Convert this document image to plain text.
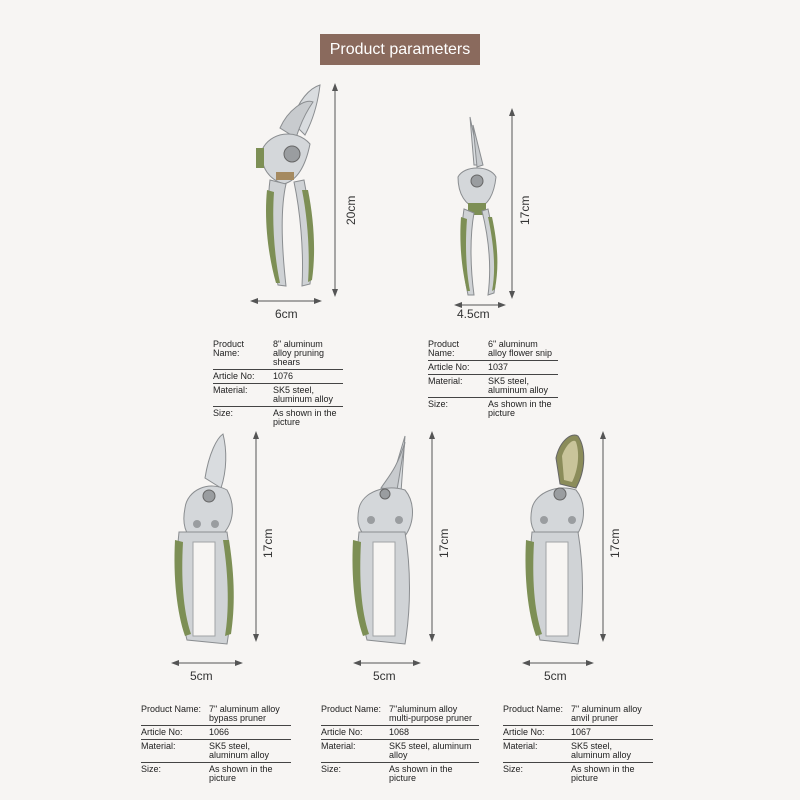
Product parameters
20cm
6cm
Product Name:
8" aluminum alloy pruning shears
Article No:	1076
Material:	SK5 steel, aluminum alloy
Size:	As shown in the picture
17cm
4.5cm
Product Name:
6" aluminum alloy flower snip
Article No:	1037
Material:	SK5 steel, aluminum alloy
Size:	As shown in the picture
17cm
5cm
Product Name: 7" aluminum alloy bypass pruner
Article No:	1066
Material:	SK5 steel, aluminum alloy
Size:	As shown in the picture
17cm
5cm
Product Name: 7"aluminum alloy multi-purpose pruner
Article No:	1068
Material:	SK5 steel, aluminum alloy
Size:	As shown in the picture
17cm
5cm
Product Name: 7" aluminum alloy anvil pruner
Article No:	1067
Material:	SK5 steel, aluminum alloy
Size:	As shown in the picture
